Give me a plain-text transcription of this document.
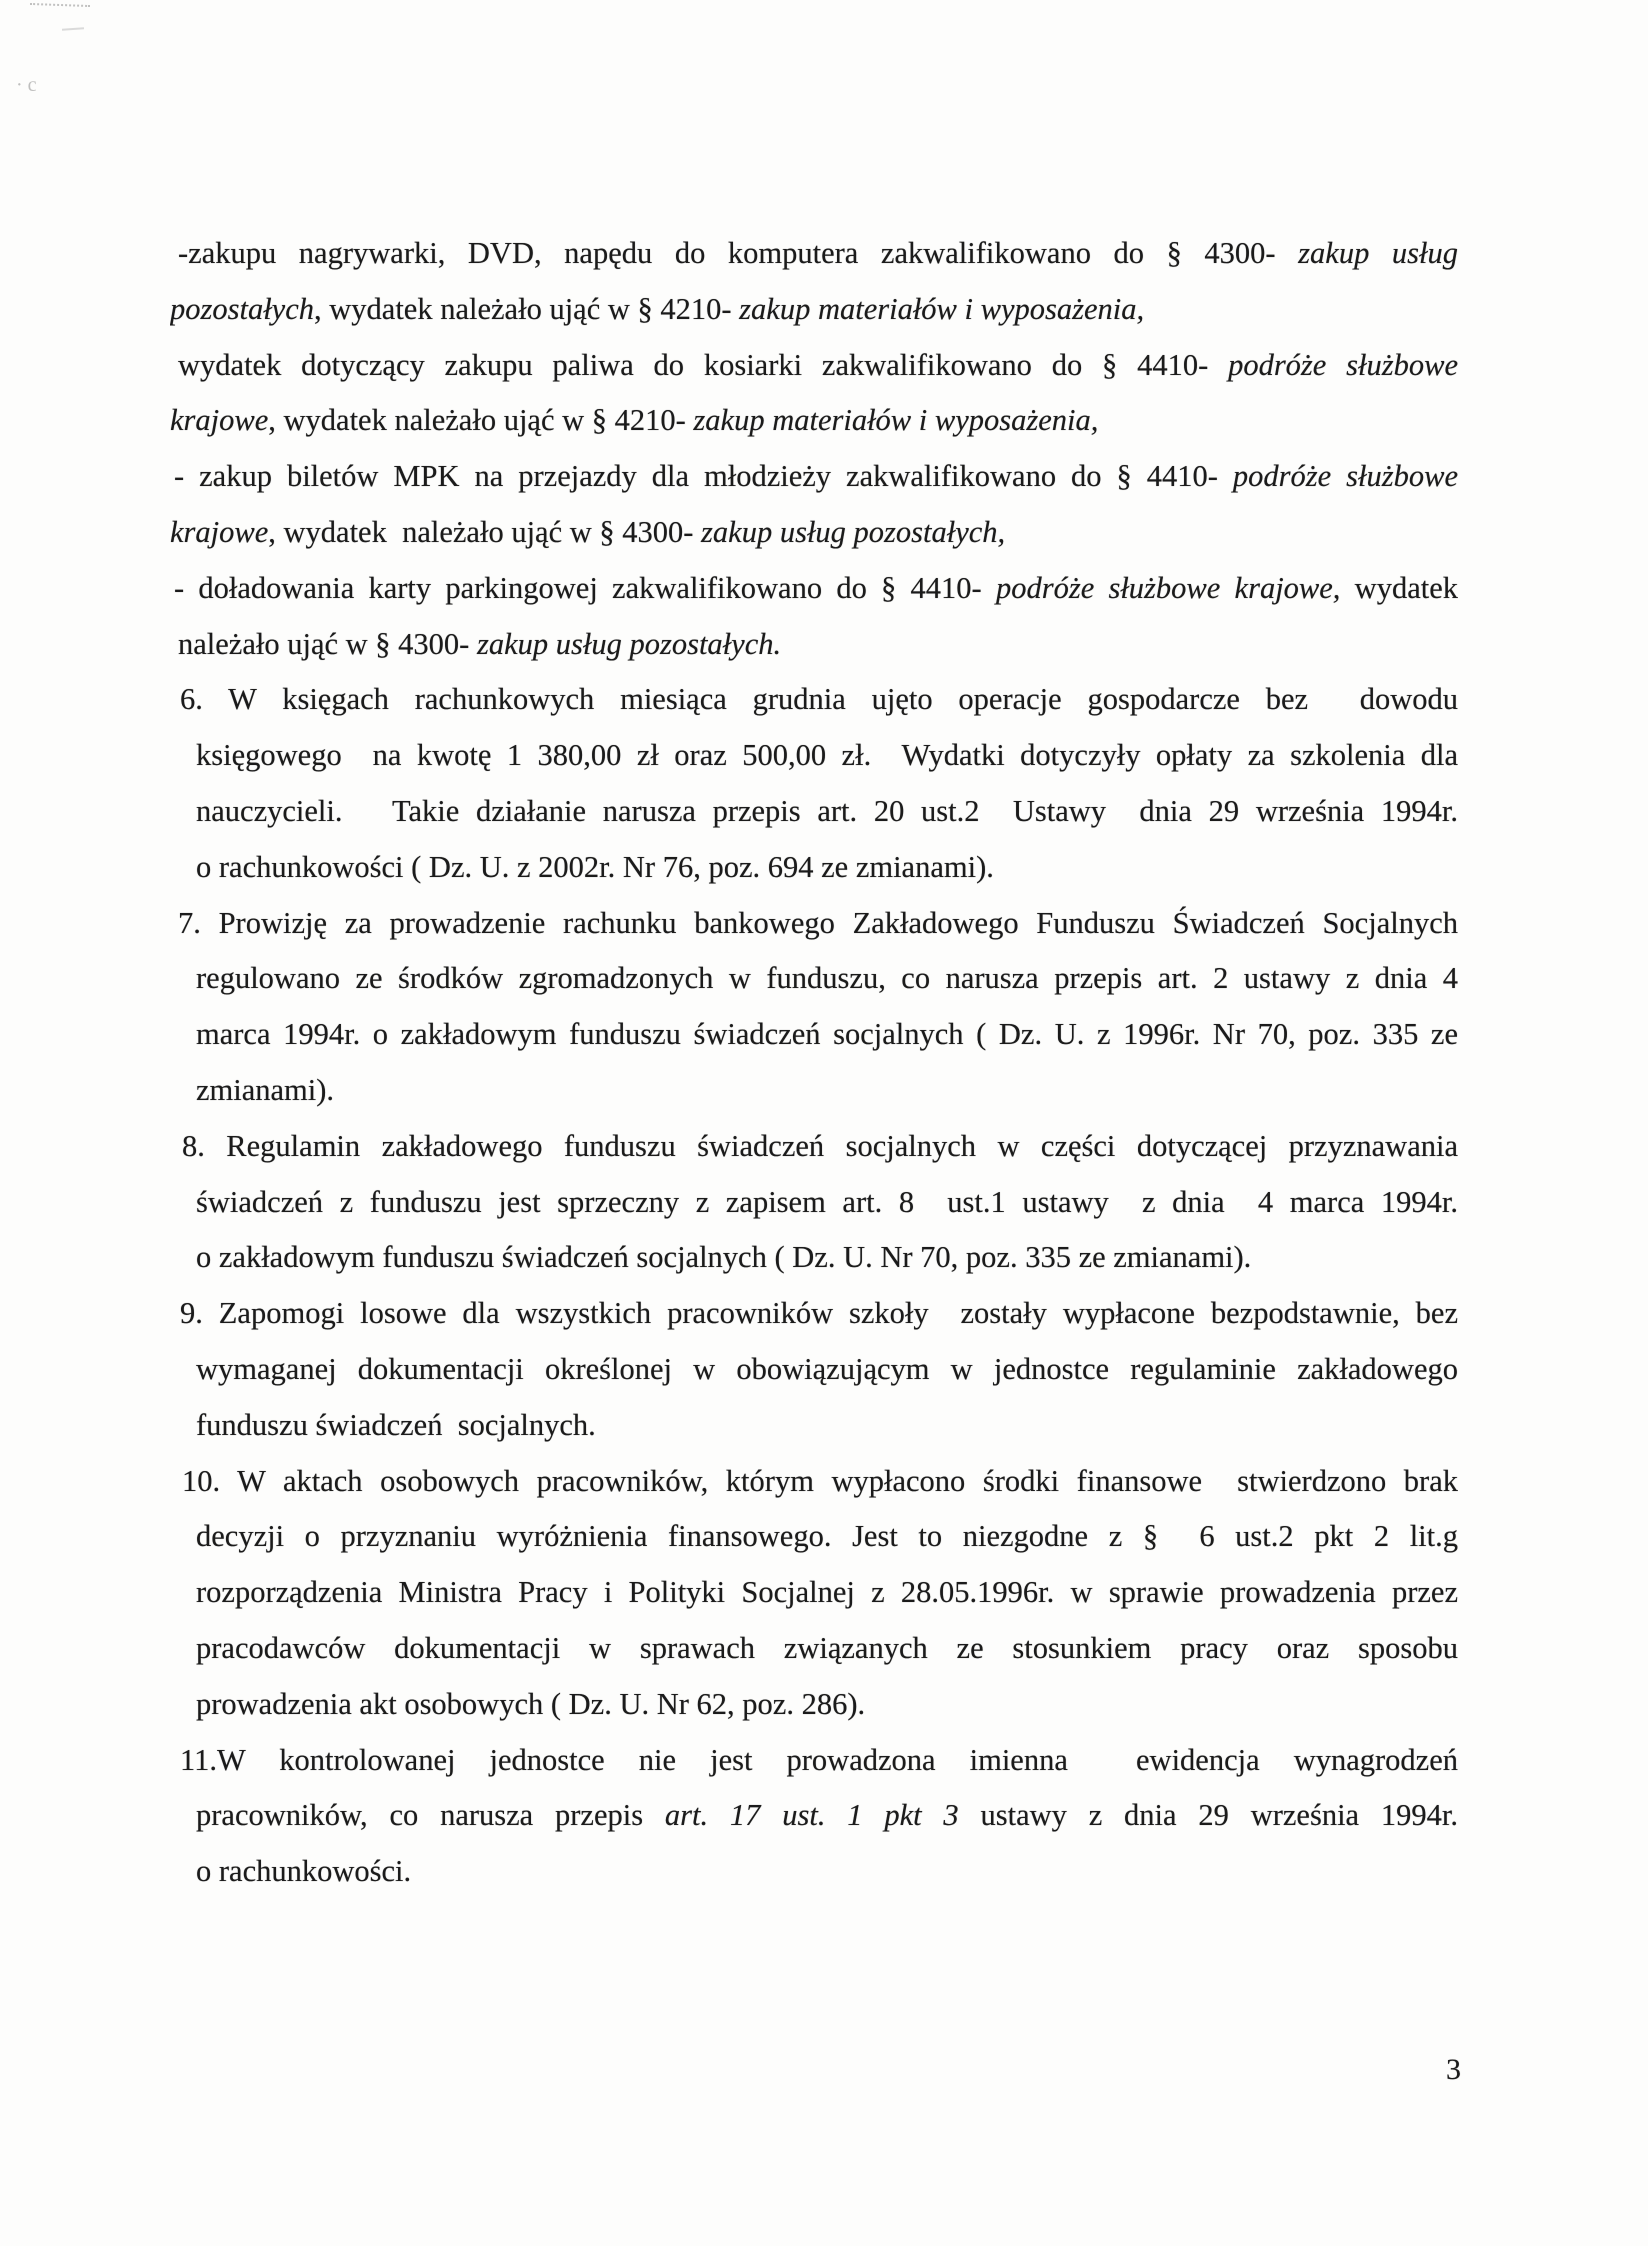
· c
-zakupu nagrywarki, DVD, napędu do komputera zakwalifikowano do § 4300- zakup usług
pozostałych, wydatek należało ująć w § 4210- zakup materiałów i wyposażenia,
wydatek dotyczący zakupu paliwa do kosiarki zakwalifikowano do § 4410- podróże służbowe
krajowe, wydatek należało ująć w § 4210- zakup materiałów i wyposażenia,
- zakup biletów MPK na przejazdy dla młodzieży zakwalifikowano do § 4410- podróże służbowe
krajowe, wydatek  należało ująć w § 4300- zakup usług pozostałych,
- doładowania karty parkingowej zakwalifikowano do § 4410- podróże służbowe krajowe, wydatek
należało ująć w § 4300- zakup usług pozostałych.
6. W księgach rachunkowych miesiąca grudnia ujęto operacje gospodarcze bez  dowodu
księgowego  na kwotę 1 380,00 zł oraz 500,00 zł.  Wydatki dotyczyły opłaty za szkolenia dla
nauczycieli.   Takie działanie narusza przepis art. 20 ust.2  Ustawy  dnia 29 września 1994r.
o rachunkowości ( Dz. U. z 2002r. Nr 76, poz. 694 ze zmianami).
7. Prowizję za prowadzenie rachunku bankowego Zakładowego Funduszu Świadczeń Socjalnych
regulowano ze środków zgromadzonych w funduszu, co narusza przepis art. 2 ustawy z dnia 4
marca 1994r. o zakładowym funduszu świadczeń socjalnych ( Dz. U. z 1996r. Nr 70, poz. 335 ze
zmianami).
8. Regulamin zakładowego funduszu świadczeń socjalnych w części dotyczącej przyznawania
świadczeń z funduszu jest sprzeczny z zapisem art. 8  ust.1 ustawy  z dnia  4 marca 1994r.
o zakładowym funduszu świadczeń socjalnych ( Dz. U. Nr 70, poz. 335 ze zmianami).
9. Zapomogi losowe dla wszystkich pracowników szkoły  zostały wypłacone bezpodstawnie, bez
wymaganej dokumentacji określonej w obowiązującym w jednostce regulaminie zakładowego
funduszu świadczeń  socjalnych.
10. W aktach osobowych pracowników, którym wypłacono środki finansowe  stwierdzono brak
decyzji o przyznaniu wyróżnienia finansowego. Jest to niezgodne z §  6 ust.2 pkt 2 lit.g
rozporządzenia Ministra Pracy i Polityki Socjalnej z 28.05.1996r. w sprawie prowadzenia przez
pracodawców dokumentacji w sprawach związanych ze stosunkiem pracy oraz sposobu
prowadzenia akt osobowych ( Dz. U. Nr 62, poz. 286).
11.W kontrolowanej jednostce nie jest prowadzona imienna  ewidencja wynagrodzeń
pracowników, co narusza przepis art. 17 ust. 1 pkt 3 ustawy z dnia 29 września 1994r.
o rachunkowości.
3
